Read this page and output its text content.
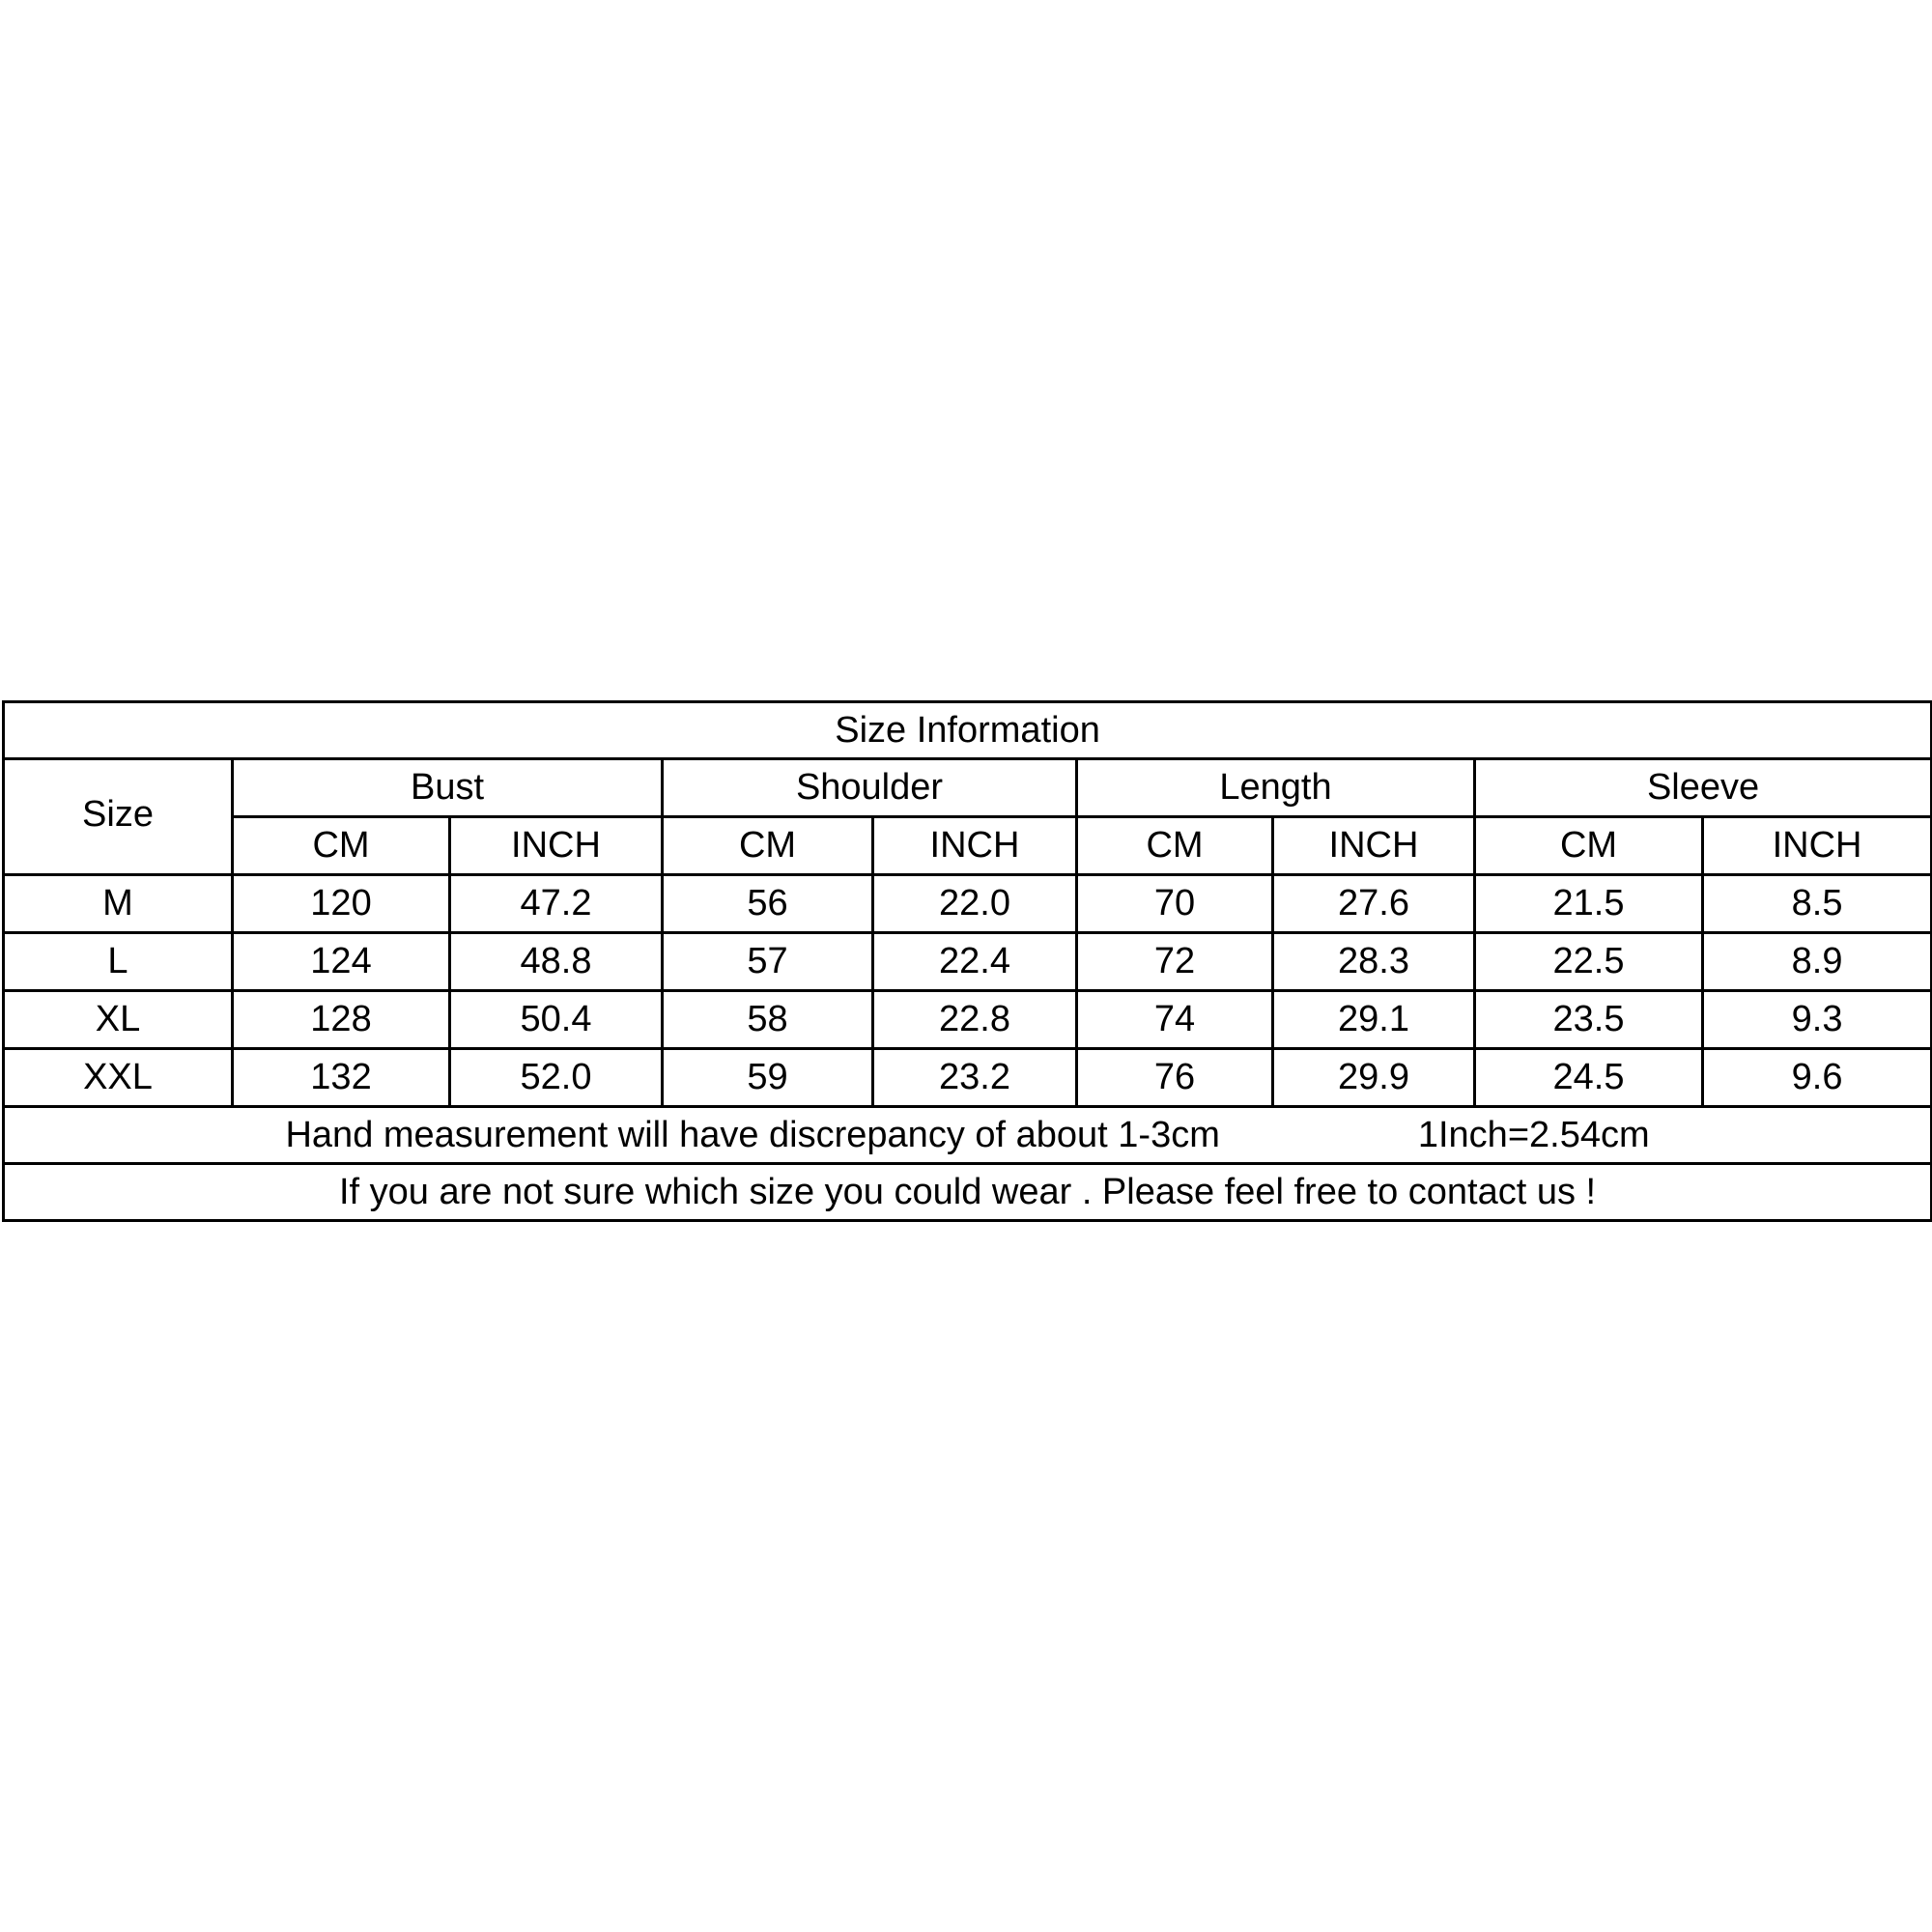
Size Information								
Size	Bust		Shoulder		Length		Sleeve	
	CM	INCH	CM	INCH	CM	INCH	CM	INCH
M	120	47.2	56	22.0	70	27.6	21.5	8.5
L	124	48.8	57	22.4	72	28.3	22.5	8.9
XL	128	50.4	58	22.8	74	29.1	23.5	9.3
XXL	132	52.0	59	23.2	76	29.9	24.5	9.6

Hand measurement will have discrepancy of about 1-3cm 1Inch=2.54cm								

If you are not sure which size you could wear . Please feel free to contact us !								
